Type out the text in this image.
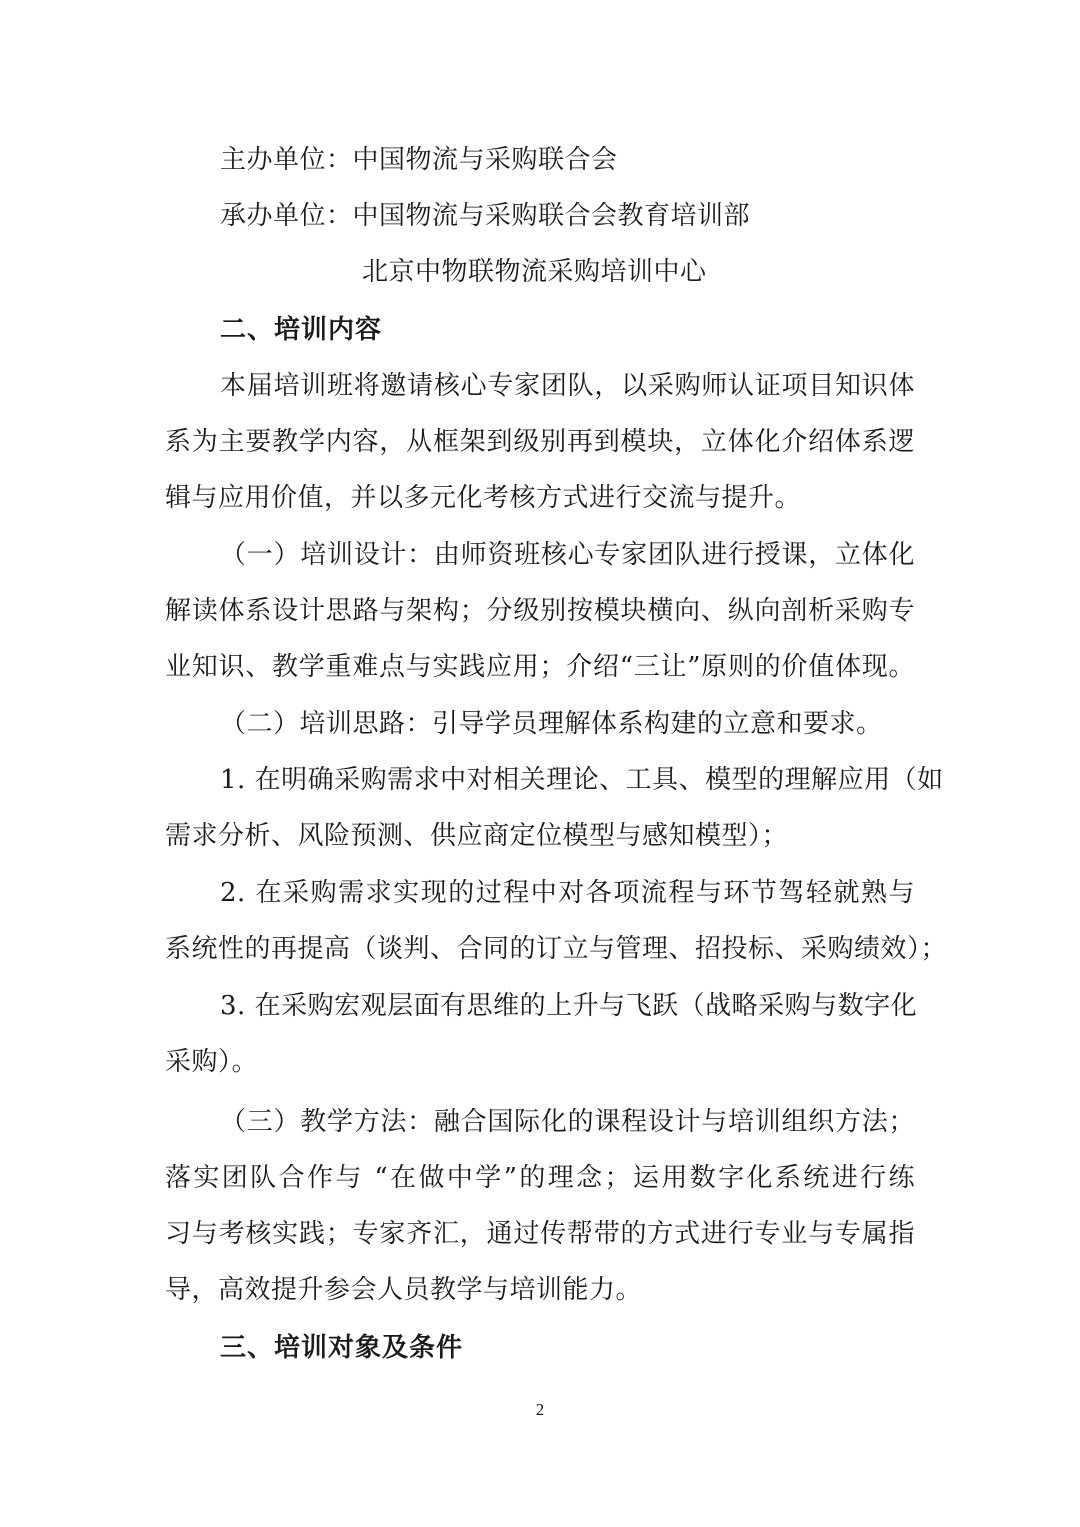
主办单位：中国物流与采购联合会
承办单位：中国物流与采购联合会教育培训部
北京中物联物流采购培训中心
二、培训内容
本届培训班将邀请核心专家团队，以采购师认证项目知识体
系为主要教学内容，从框架到级别再到模块，立体化介绍体系逻
辑与应用价值，并以多元化考核方式进行交流与提升。
（一）培训设计：由师资班核心专家团队进行授课，立体化
解读体系设计思路与架构；分级别按模块横向、纵向剖析采购专
业知识、教学重难点与实践应用；介绍“三让”原则的价值体现。
（二）培训思路：引导学员理解体系构建的立意和要求。
1. 在明确采购需求中对相关理论、工具、模型的理解应用（如
需求分析、风险预测、供应商定位模型与感知模型）；
2. 在采购需求实现的过程中对各项流程与环节驾轻就熟与
系统性的再提高（谈判、合同的订立与管理、招投标、采购绩效）；
3. 在采购宏观层面有思维的上升与飞跃（战略采购与数字化
采购）。
（三）教学方法：融合国际化的课程设计与培训组织方法；
落实团队合作与 “在做中学”的理念；运用数字化系统进行练
习与考核实践；专家齐汇，通过传帮带的方式进行专业与专属指
导，高效提升参会人员教学与培训能力。
三、培训对象及条件
2
